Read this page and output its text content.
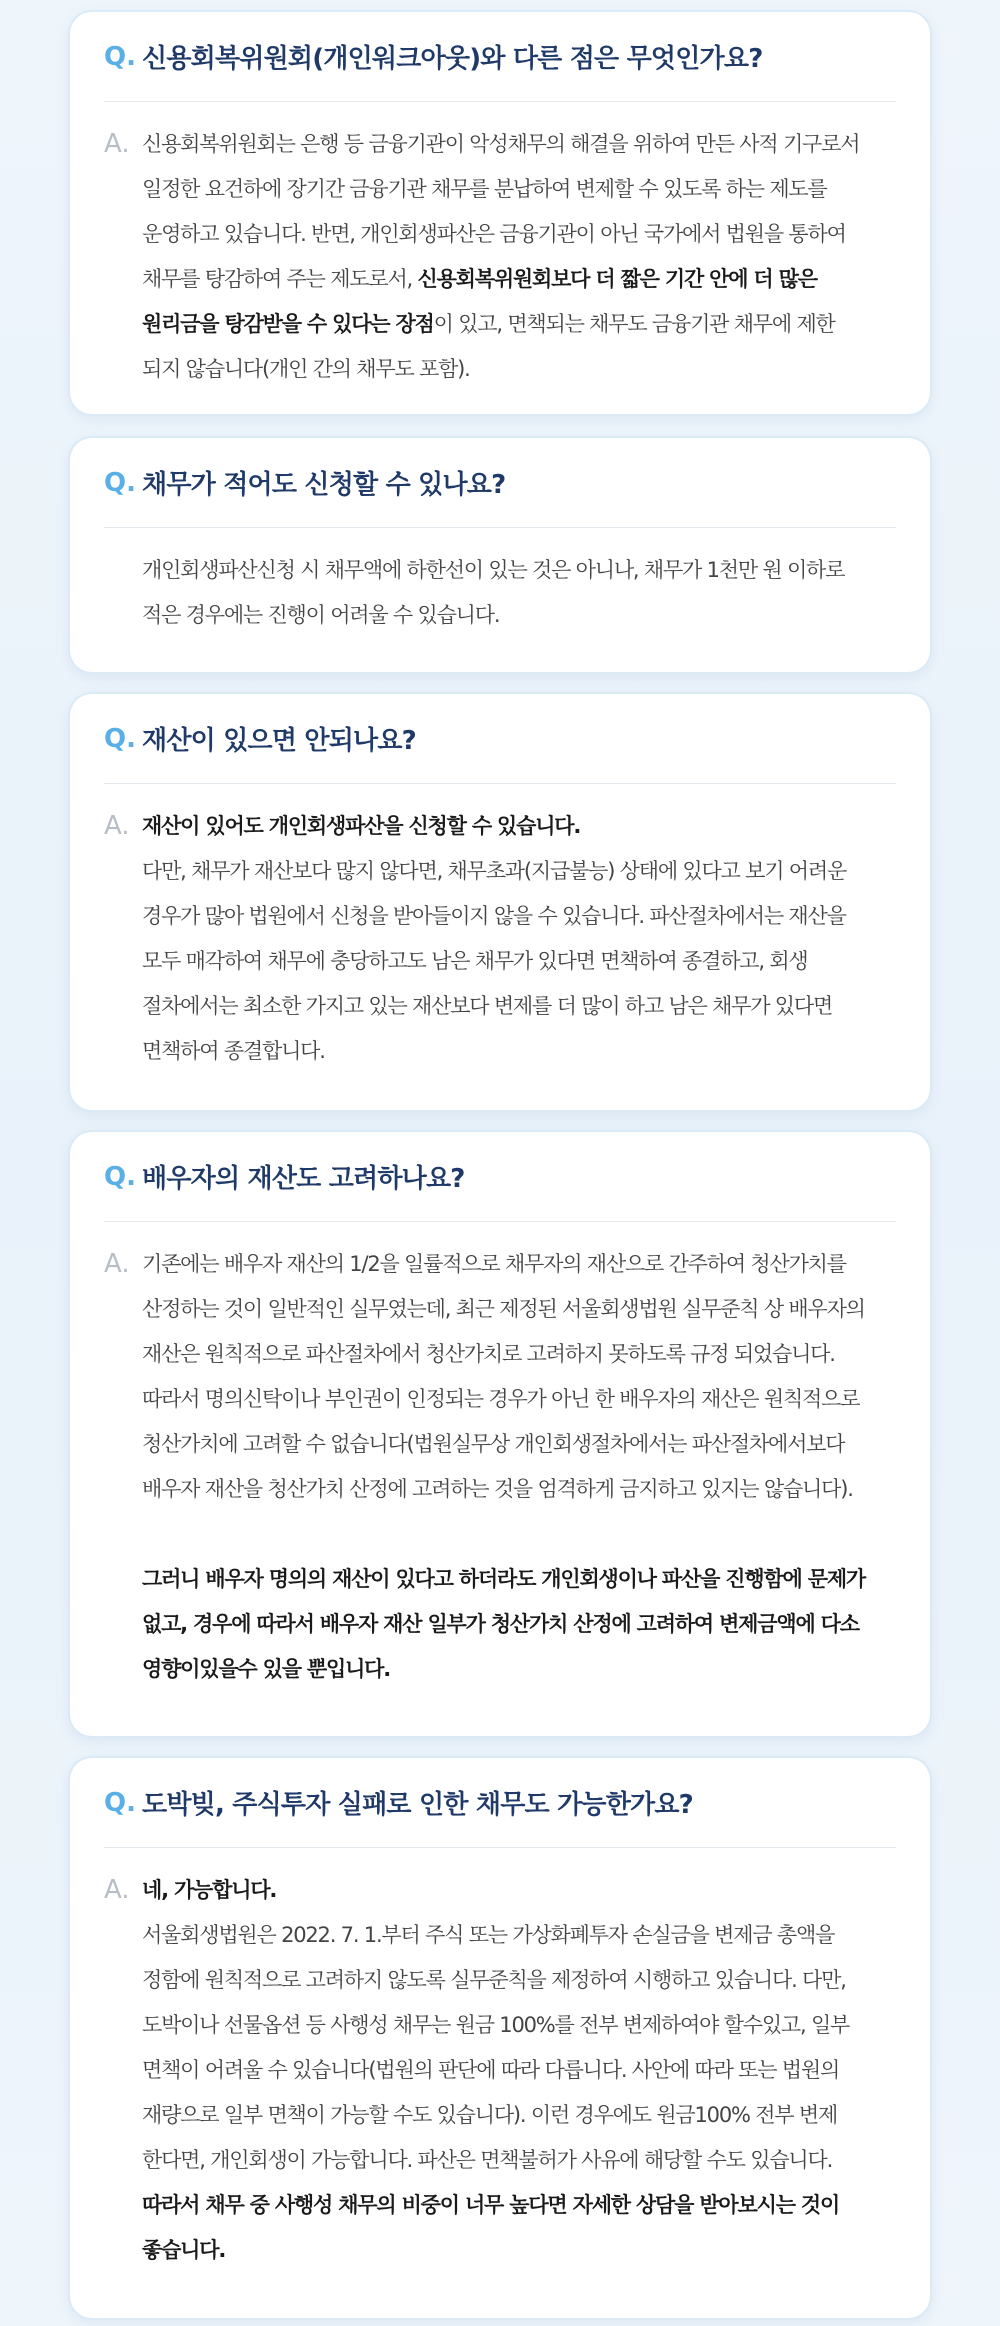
Q. 신용회복위원회(개인워크아웃)와 다른 점은 무엇인가요?
A. 신용회복위원회는 은행 등 금융기관이 악성채무의 해결을 위하여 만든 사적 기구로서

일정한 요건하에 장기간 금융기관 채무를 분납하여 변제할 수 있도록 하는 제도를

운영하고 있습니다. 반면, 개인회생파산은 금융기관이 아닌 국가에서 법원을 통하여

채무를 탕감하여 주는 제도로서, 신용회복위원회보다 더 짧은 기간 안에 더 많은

원리금을 탕감받을 수 있다는 장점이 있고, 면책되는 채무도 금융기관 채무에 제한

되지 않습니다(개인 간의 채무도 포함).

Q. 채무가 적어도 신청할 수 있나요?

개인회생파산신청 시 채무액에 하한선이 있는 것은 아니나, 채무가 1천만 원 이하로

적은 경우에는 진행이 어려울 수 있습니다.

Q. 재산이 있으면 안되나요?
A. 재산이 있어도 개인회생파산을 신청할 수 있습니다.

다만, 채무가 재산보다 많지 않다면, 채무초과(지급불능) 상태에 있다고 보기 어려운

경우가 많아 법원에서 신청을 받아들이지 않을 수 있습니다. 파산절차에서는 재산을

모두 매각하여 채무에 충당하고도 남은 채무가 있다면 면책하여 종결하고, 회생

절차에서는 최소한 가지고 있는 재산보다 변제를 더 많이 하고 남은 채무가 있다면

면책하여 종결합니다.

Q. 배우자의 재산도 고려하나요?
A. 기존에는 배우자 재산의 1/2을 일률적으로 채무자의 재산으로 간주하여 청산가치를

산정하는 것이 일반적인 실무였는데, 최근 제정된 서울회생법원 실무준칙 상 배우자의

재산은 원칙적으로 파산절차에서 청산가치로 고려하지 못하도록 규정 되었습니다.

따라서 명의신탁이나 부인권이 인정되는 경우가 아닌 한 배우자의 재산은 원칙적으로

청산가치에 고려할 수 없습니다(법원실무상 개인회생절차에서는 파산절차에서보다

배우자 재산을 청산가치 산정에 고려하는 것을 엄격하게 금지하고 있지는 않습니다).

그러니 배우자 명의의 재산이 있다고 하더라도 개인회생이나 파산을 진행함에 문제가

없고, 경우에 따라서 배우자 재산 일부가 청산가치 산정에 고려하여 변제금액에 다소

영향이있을수 있을 뿐입니다.

Q. 도박빚, 주식투자 실패로 인한 채무도 가능한가요?
A. 네, 가능합니다.

서울회생법원은 2022. 7. 1.부터 주식 또는 가상화폐투자 손실금을 변제금 총액을

정함에 원칙적으로 고려하지 않도록 실무준칙을 제정하여 시행하고 있습니다. 다만,

도박이나 선물옵션 등 사행성 채무는 원금 100%를 전부 변제하여야 할수있고, 일부

면책이 어려울 수 있습니다(법원의 판단에 따라 다릅니다. 사안에 따라 또는 법원의

재량으로 일부 면책이 가능할 수도 있습니다). 이런 경우에도 원금100% 전부 변제

한다면, 개인회생이 가능합니다. 파산은 면책불허가 사유에 해당할 수도 있습니다.

따라서 채무 중 사행성 채무의 비중이 너무 높다면 자세한 상담을 받아보시는 것이

좋습니다.
